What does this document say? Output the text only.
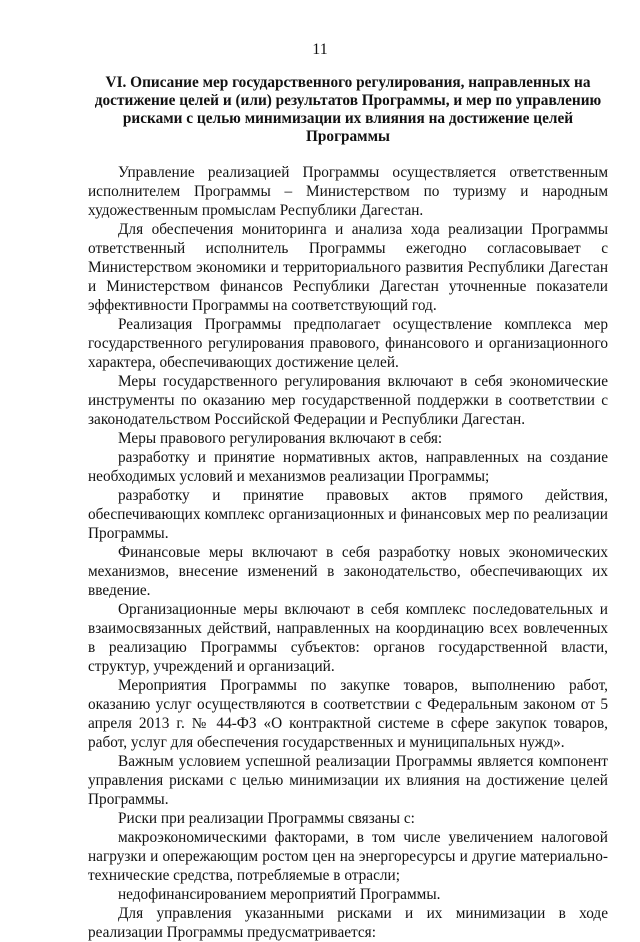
11
VI. Описание мер государственного регулирования, направленных на достижение целей и (или) результатов Программы, и мер по управлению рисками с целью минимизации их влияния на достижение целей Программы

Управление реализацией Программы осуществляется ответственным исполнителем Программы – Министерством по туризму и народным художественным промыслам Республики Дагестан.

Для обеспечения мониторинга и анализа хода реализации Программы ответственный исполнитель Программы ежегодно согласовывает с Министерством экономики и территориального развития Республики Дагестан и Министерством финансов Республики Дагестан уточненные показатели эффективности Программы на соответствующий год.

Реализация Программы предполагает осуществление комплекса мер государственного регулирования правового, финансового и организационного характера, обеспечивающих достижение целей.

Меры государственного регулирования включают в себя экономические инструменты по оказанию мер государственной поддержки в соответствии с законодательством Российской Федерации и Республики Дагестан.

Меры правового регулирования включают в себя:

разработку и принятие нормативных актов, направленных на создание необходимых условий и механизмов реализации Программы;

разработку и принятие правовых актов прямого действия, обеспечивающих комплекс организационных и финансовых мер по реализации Программы.

Финансовые меры включают в себя разработку новых экономических механизмов, внесение изменений в законодательство, обеспечивающих их введение.

Организационные меры включают в себя комплекс последовательных и взаимосвязанных действий, направленных на координацию всех вовлеченных в реализацию Программы субъектов: органов государственной власти, структур, учреждений и организаций.

Мероприятия Программы по закупке товаров, выполнению работ, оказанию услуг осуществляются в соответствии с Федеральным законом от 5 апреля 2013 г. № 44-ФЗ «О контрактной системе в сфере закупок товаров, работ, услуг для обеспечения государственных и муниципальных нужд».

Важным условием успешной реализации Программы является компонент управления рисками с целью минимизации их влияния на достижение целей Программы.

Риски при реализации Программы связаны с:

макроэкономическими факторами, в том числе увеличением налоговой нагрузки и опережающим ростом цен на энергоресурсы и другие материально-технические средства, потребляемые в отрасли;

недофинансированием мероприятий Программы.

Для управления указанными рисками и их минимизации в ходе реализации Программы предусматривается:
